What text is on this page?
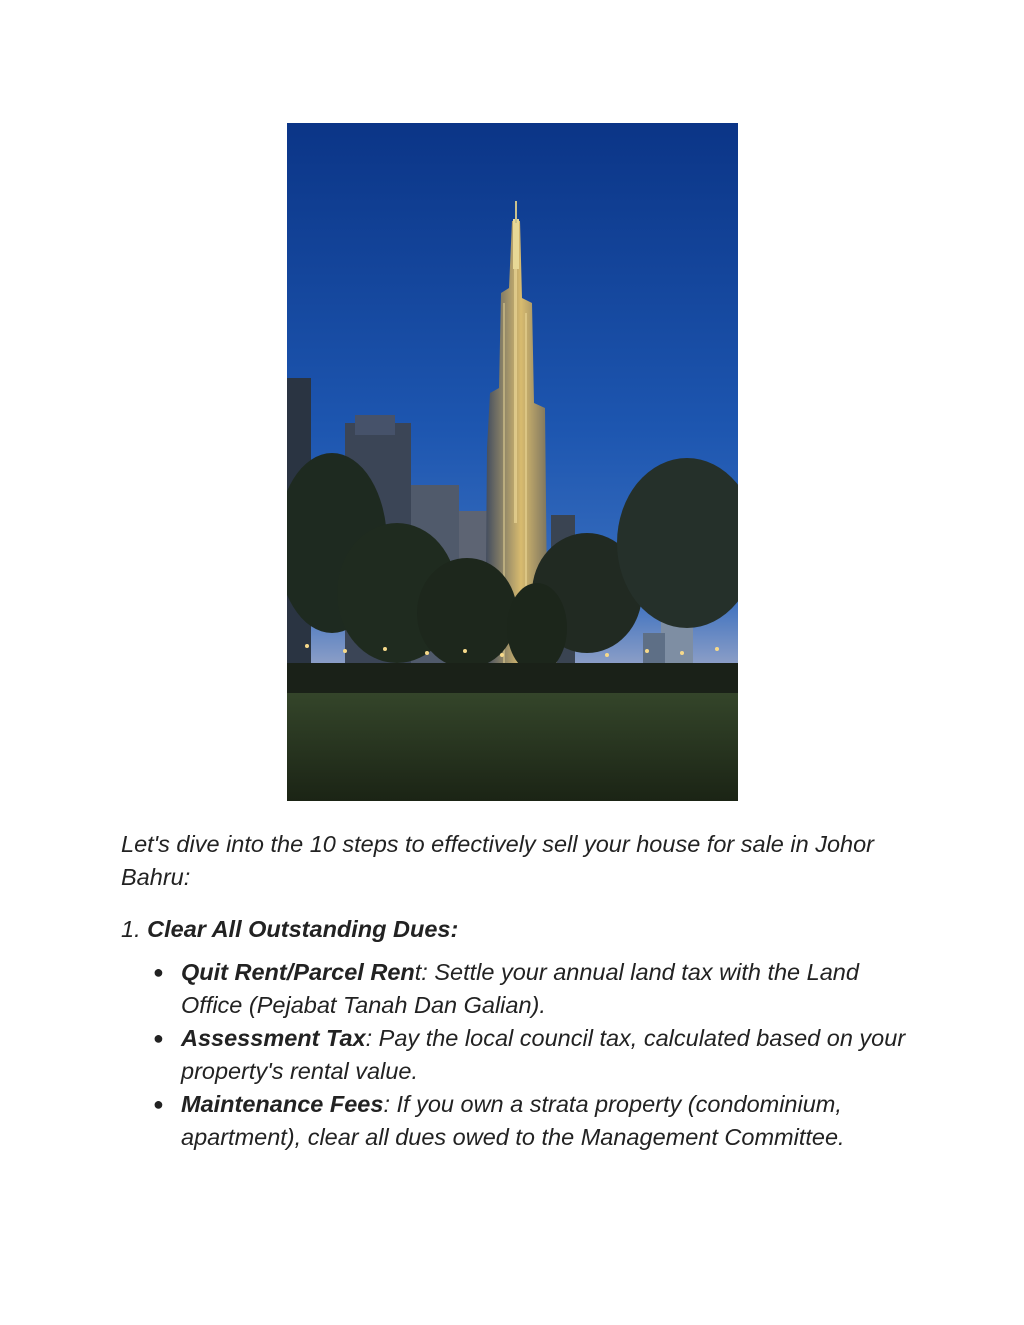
Let's dive into the 10 steps to effectively sell your house for sale in Johor Bahru:

1. Clear All Outstanding Dues:

● Quit Rent/Parcel Rent: Settle your annual land tax with the Land Office (Pejabat Tanah Dan Galian).
● Assessment Tax: Pay the local council tax, calculated based on your property's rental value.
● Maintenance Fees: If you own a strata property (condominium, apartment), clear all dues owed to the Management Committee.
